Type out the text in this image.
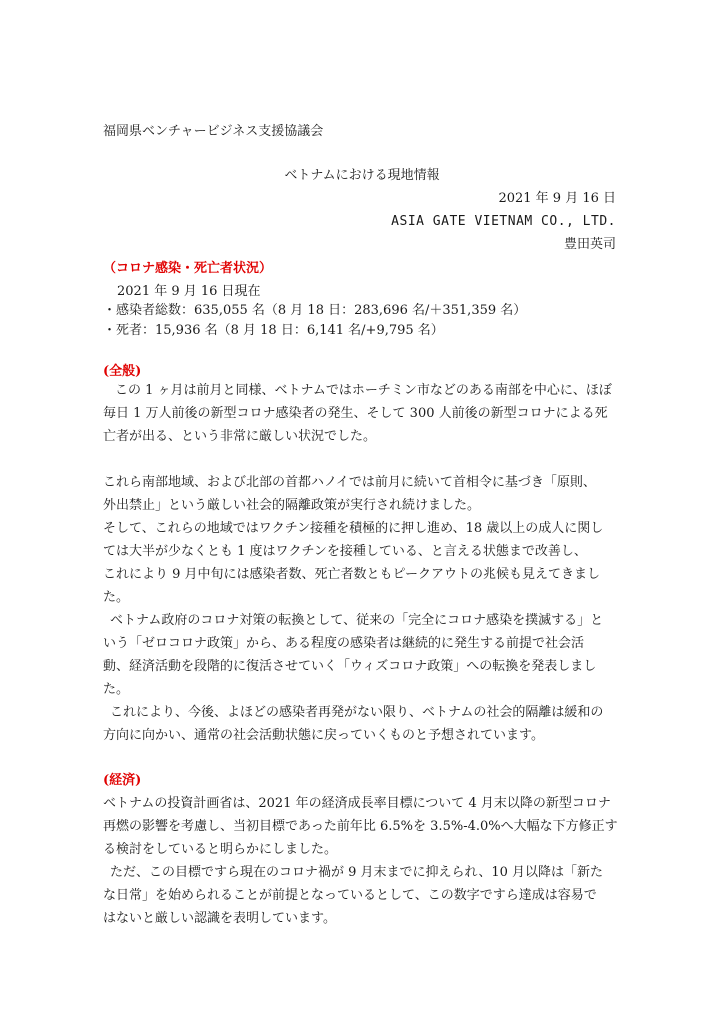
福岡県ベンチャービジネス支援協議会
ベトナムにおける現地情報
2021 年 9 月 16 日
ASIA GATE VIETNAM CO., LTD.
豊田英司
（コロナ感染・死亡者状況）
2021 年 9 月 16 日現在
・感染者総数：635,055 名（8 月 18 日：283,696 名/＋351,359 名）
・死者：15,936 名（8 月 18 日：6,141 名/+9,795 名）
(全般)
この 1 ヶ月は前月と同様、ベトナムではホーチミン市などのある南部を中心に、ほぼ
毎日 1 万人前後の新型コロナ感染者の発生、そして 300 人前後の新型コロナによる死
亡者が出る、という非常に厳しい状況でした。
これら南部地域、および北部の首都ハノイでは前月に続いて首相令に基づき「原則、
外出禁止」という厳しい社会的隔離政策が実行され続けました。
そして、これらの地域ではワクチン接種を積極的に押し進め、18 歳以上の成人に関し
ては大半が少なくとも 1 度はワクチンを接種している、と言える状態まで改善し、
これにより 9 月中旬には感染者数、死亡者数ともピークアウトの兆候も見えてきまし
た。
ベトナム政府のコロナ対策の転換として、従来の「完全にコロナ感染を撲滅する」と
いう「ゼロコロナ政策」から、ある程度の感染者は継続的に発生する前提で社会活
動、経済活動を段階的に復活させていく「ウィズコロナ政策」への転換を発表しまし
た。
これにより、今後、よほどの感染者再発がない限り、ベトナムの社会的隔離は緩和の
方向に向かい、通常の社会活動状態に戻っていくものと予想されています。
(経済)
ベトナムの投資計画省は、2021 年の経済成長率目標について 4 月末以降の新型コロナ
再燃の影響を考慮し、当初目標であった前年比 6.5%を 3.5%-4.0%へ大幅な下方修正す
る検討をしていると明らかにしました。
ただ、この目標ですら現在のコロナ禍が 9 月末までに抑えられ、10 月以降は「新た
な日常」を始められることが前提となっているとして、この数字ですら達成は容易で
はないと厳しい認識を表明しています。
